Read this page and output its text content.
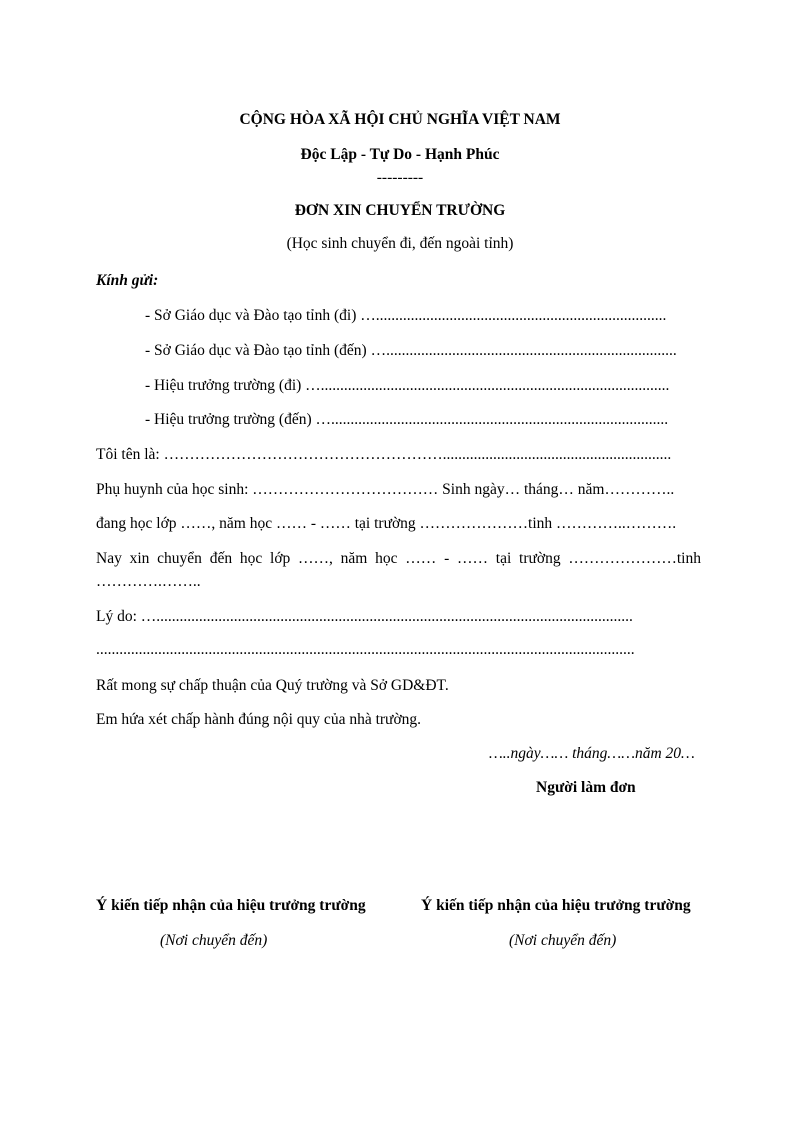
CỘNG HÒA XÃ HỘI CHỦ NGHĨA VIỆT NAM
Độc Lập - Tự Do - Hạnh Phúc
---------
ĐƠN XIN CHUYỂN TRƯỜNG
(Học sinh chuyển đi, đến ngoài tỉnh)
Kính gửi:
- Sở Giáo dục và Đào tạo tỉnh (đi) …...........................................................................
- Sở Giáo dục và Đào tạo tỉnh (đến) …...........................................................................
- Hiệu trưởng trường (đi) …..........................................................................................
- Hiệu trưởng trường (đến) ….......................................................................................
Tôi tên là: ………………………………………………...........................................................
Phụ huynh của học sinh: ……………………………… Sinh ngày… tháng… năm…………..
đang học lớp ……, năm học …… - …… tại trường …………………tinh …………..……….
Nay xin chuyển đến học lớp ……, năm học …… - …… tại trường …………………tinh
………….……..
Lý do: …...........................................................................................................................
...........................................................................................................................................
Rất mong sự chấp thuận của Quý trường và Sở GD&ĐT.
Em hứa xét chấp hành đúng nội quy của nhà trường.
…..ngày…… tháng……năm 20…
Người làm đơn
Ý kiến tiếp nhận của hiệu trưởng trường
(Nơi chuyển đến)
Ý kiến tiếp nhận của hiệu trưởng trường
(Nơi chuyển đến)
